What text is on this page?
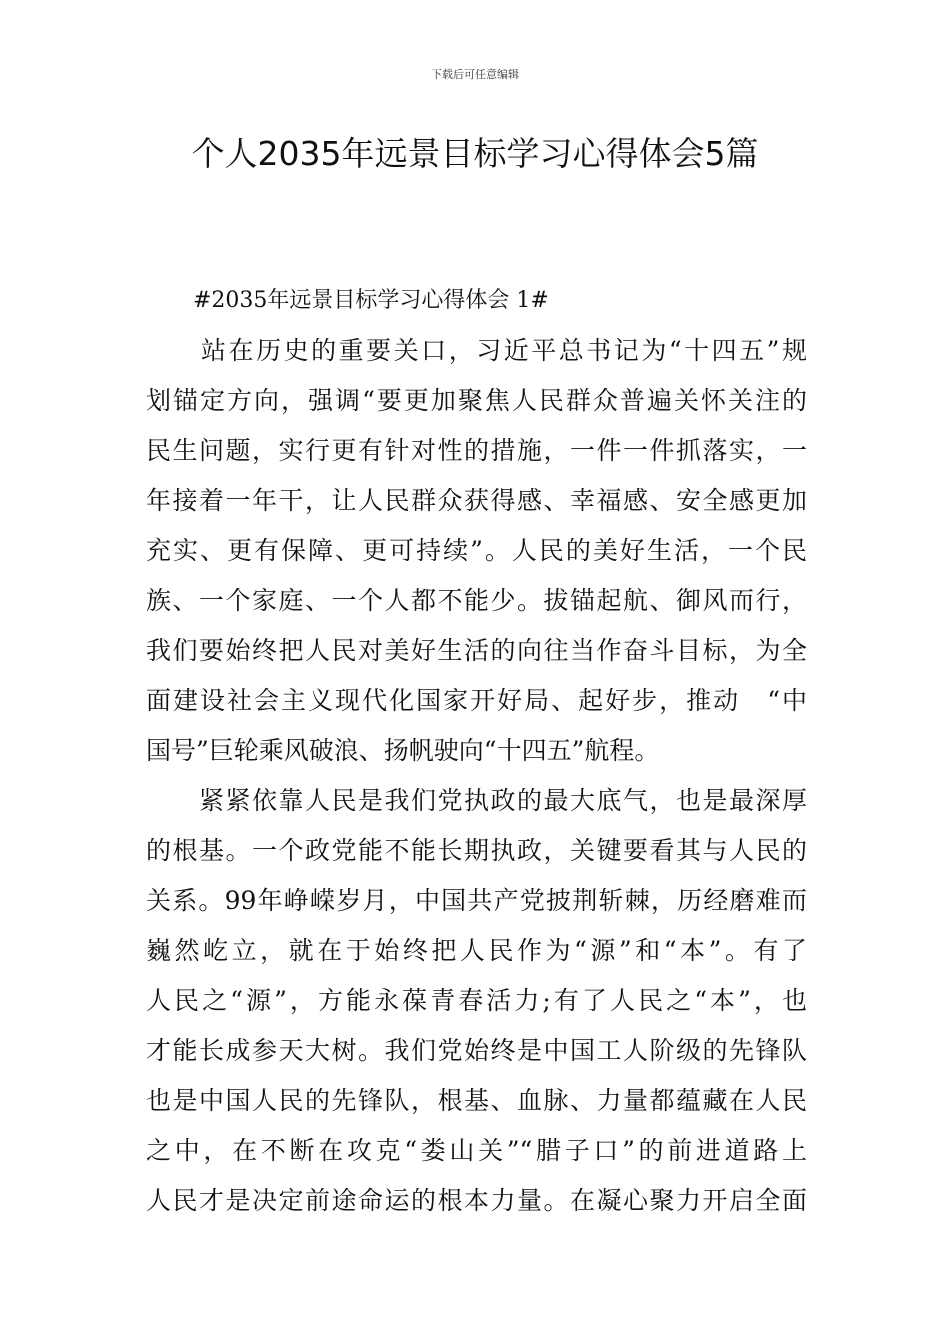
下载后可任意编辑
个人2035年远景目标学习心得体会5篇
#2035年远景目标学习心得体会 1#
　　站在历史的重要关口，习近平总书记为“十四五”规
划锚定方向，强调“要更加聚焦人民群众普遍关怀关注的
民生问题，实行更有针对性的措施，一件一件抓落实，一
年接着一年干，让人民群众获得感、幸福感、安全感更加
充实、更有保障、更可持续”。人民的美好生活，一个民
族、一个家庭、一个人都不能少。拔锚起航、御风而行，
我们要始终把人民对美好生活的向往当作奋斗目标，为全
面建设社会主义现代化国家开好局、起好步，推动　“中
国号”巨轮乘风破浪、扬帆驶向“十四五”航程。
　　紧紧依靠人民是我们党执政的最大底气，也是最深厚
的根基。一个政党能不能长期执政，关键要看其与人民的
关系。99年峥嵘岁月，中国共产党披荆斩棘，历经磨难而
巍然屹立，就在于始终把人民作为“源”和“本”。有了
人民之“源”，方能永葆青春活力;有了人民之“本”，也
才能长成参天大树。我们党始终是中国工人阶级的先锋队
也是中国人民的先锋队，根基、血脉、力量都蕴藏在人民
之中，在不断在攻克“娄山关”“腊子口”的前进道路上
人民才是决定前途命运的根本力量。在凝心聚力开启全面
